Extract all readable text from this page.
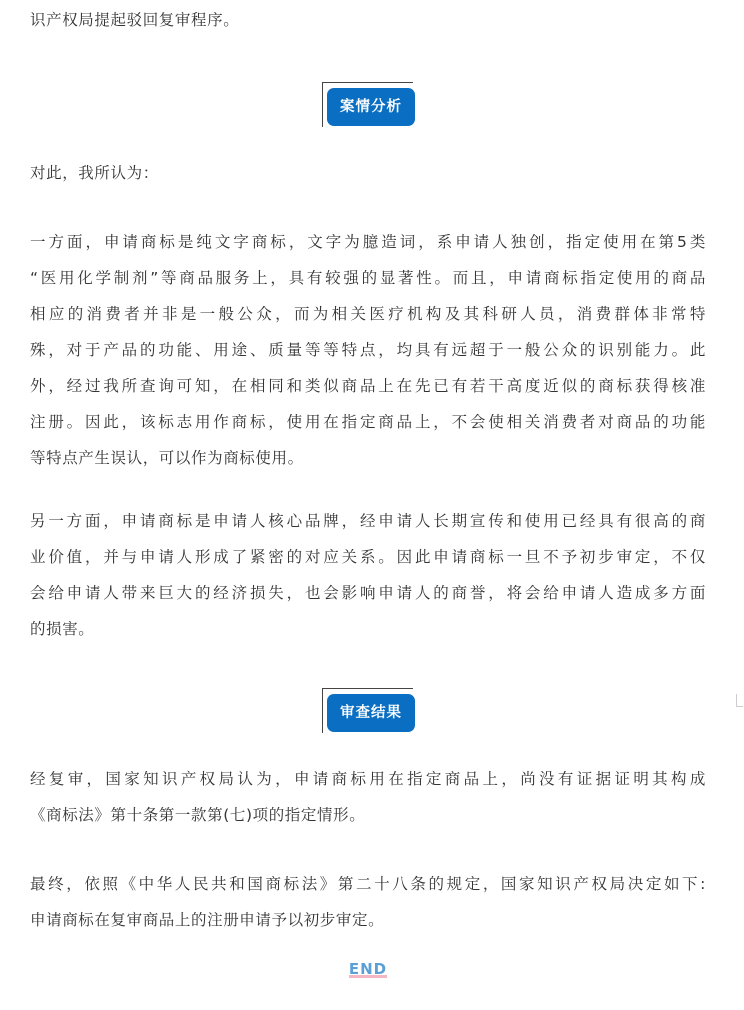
识产权局提起驳回复审程序。
案情分析
对此，我所认为：
一方面，申请商标是纯文字商标，文字为臆造词，系申请人独创，指定使用在第5类
“医用化学制剂”等商品服务上，具有较强的显著性。而且，申请商标指定使用的商品
相应的消费者并非是一般公众，而为相关医疗机构及其科研人员，消费群体非常特
殊，对于产品的功能、用途、质量等等特点，均具有远超于一般公众的识别能力。此
外，经过我所查询可知，在相同和类似商品上在先已有若干高度近似的商标获得核准
注册。因此，该标志用作商标，使用在指定商品上，不会使相关消费者对商品的功能
等特点产生误认，可以作为商标使用。
另一方面，申请商标是申请人核心品牌，经申请人长期宣传和使用已经具有很高的商
业价值，并与申请人形成了紧密的对应关系。因此申请商标一旦不予初步审定，不仅
会给申请人带来巨大的经济损失，也会影响申请人的商誉，将会给申请人造成多方面
的损害。
审查结果
经复审，国家知识产权局认为，申请商标用在指定商品上，尚没有证据证明其构成
《商标法》第十条第一款第(七)项的指定情形。
最终，依照《中华人民共和国商标法》第二十八条的规定，国家知识产权局决定如下:
申请商标在复审商品上的注册申请予以初步审定。
END
